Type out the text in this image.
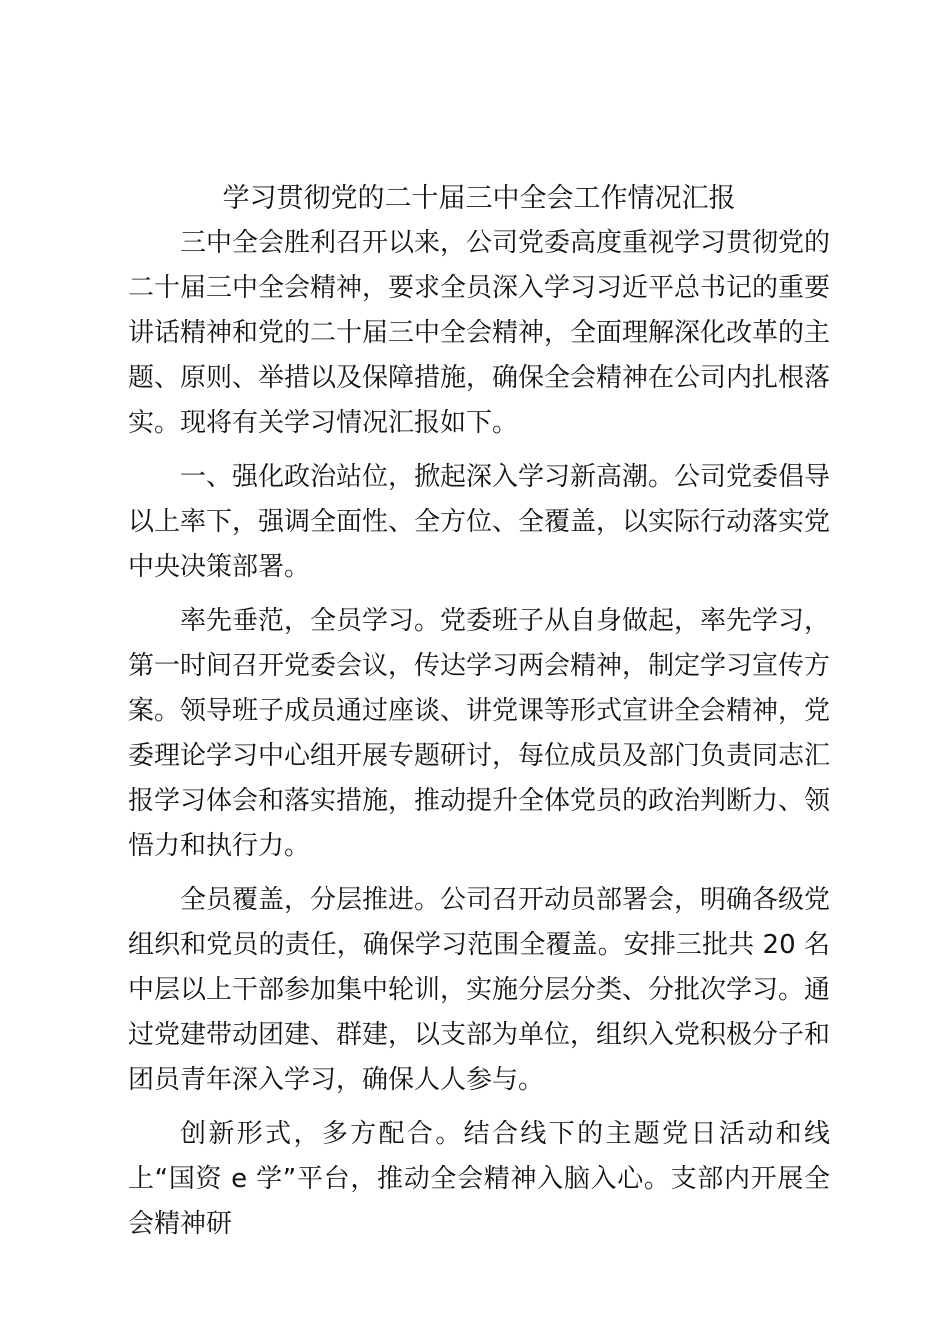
学习贯彻党的二十届三中全会工作情况汇报

三中全会胜利召开以来，公司党委高度重视学习贯彻党的二十届三中全会精神，要求全员深入学习习近平总书记的重要讲话精神和党的二十届三中全会精神，全面理解深化改革的主题、原则、举措以及保障措施，确保全会精神在公司内扎根落实。现将有关学习情况汇报如下。

一、强化政治站位，掀起深入学习新高潮。公司党委倡导以上率下，强调全面性、全方位、全覆盖，以实际行动落实党中央决策部署。

率先垂范，全员学习。党委班子从自身做起，率先学习，第一时间召开党委会议，传达学习两会精神，制定学习宣传方案。领导班子成员通过座谈、讲党课等形式宣讲全会精神，党委理论学习中心组开展专题研讨，每位成员及部门负责同志汇报学习体会和落实措施，推动提升全体党员的政治判断力、领悟力和执行力。

全员覆盖，分层推进。公司召开动员部署会，明确各级党组织和党员的责任，确保学习范围全覆盖。安排三批共 20 名中层以上干部参加集中轮训，实施分层分类、分批次学习。通过党建带动团建、群建，以支部为单位，组织入党积极分子和团员青年深入学习，确保人人参与。

创新形式，多方配合。结合线下的主题党日活动和线上“国资 e 学”平台，推动全会精神入脑入心。支部内开展全会精神研
